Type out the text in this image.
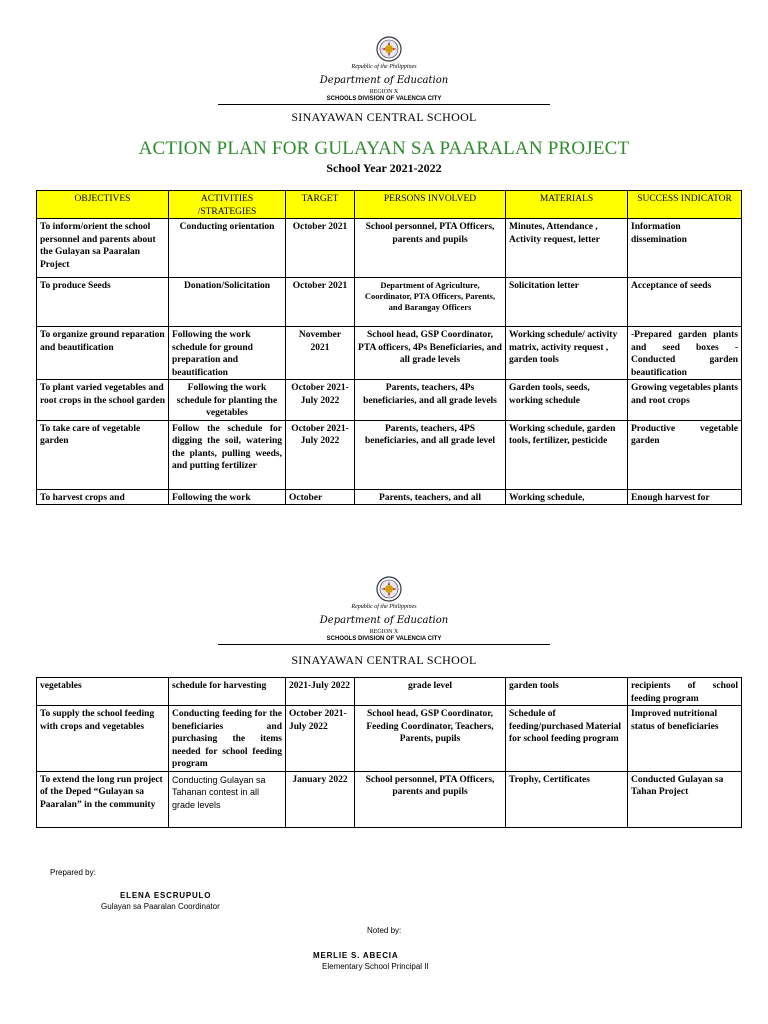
Republic of the Philippines
Department of Education
REGION X
SCHOOLS DIVISION OF VALENCIA CITY
SINAYAWAN CENTRAL SCHOOL
ACTION PLAN FOR GULAYAN SA PAARALAN PROJECT
School Year 2021-2022
OBJECTIVES	ACTIVITIES /STRATEGIES	TARGET	PERSONS INVOLVED	MATERIALS	SUCCESS INDICATOR
To inform/orient the school personnel and parents about the Gulayan sa Paaralan Project	Conducting orientation	October 2021	School personnel, PTA Officers, parents and pupils	Minutes, Attendance , Activity request, letter	Information dissemination
To produce Seeds	Donation/Solicitation	October 2021	Department of Agriculture, Coordinator, PTA Officers, Parents, and Barangay Officers	Solicitation letter	Acceptance of seeds
To organize ground reparation and beautification	Following the work schedule for ground preparation and beautification	November 2021	School head, GSP Coordinator, PTA officers, 4Ps Beneficiaries, and all grade levels	Working schedule/ activity matrix, activity request , garden tools	-Prepared garden plants and seed boxes -Conducted garden beautification
To plant varied vegetables and root crops in the school garden	Following the work schedule for planting the vegetables	October 2021-July 2022	Parents, teachers, 4Ps beneficiaries, and all grade levels	Garden tools, seeds, working schedule	Growing vegetables plants and root crops
To take care of vegetable garden	Follow the schedule for digging the soil, watering the plants, pulling weeds, and putting fertilizer	October 2021-July 2022	Parents, teachers, 4PS beneficiaries, and all grade level	Working schedule, garden tools, fertilizer, pesticide	Productive vegetable garden
To harvest crops and	Following the work	October	Parents, teachers, and all	Working schedule,	Enough harvest for
Republic of the Philippines
Department of Education
REGION X
SCHOOLS DIVISION OF VALENCIA CITY
SINAYAWAN CENTRAL SCHOOL
vegetables	schedule for harvesting	2021-July 2022	grade level	garden tools	recipients of school feeding program
To supply the school feeding with crops and vegetables	Conducting feeding for the beneficiaries and purchasing the items needed for school feeding program	October 2021-July 2022	School head, GSP Coordinator, Feeding Coordinator, Teachers, Parents, pupils	Schedule of feeding/purchased Material for school feeding program	Improved nutritional status of beneficiaries
To extend the long run project of the Deped “Gulayan sa Paaralan” in the community	Conducting Gulayan sa Tahanan contest in all grade levels	January 2022	School personnel, PTA Officers, parents and pupils	Trophy, Certificates	Conducted Gulayan sa Tahan Project
Prepared by:
ELENA ESCRUPULO
Gulayan sa Paaralan Coordinator
Noted by:
MERLIE S. ABECIA
Elementary School Principal II
